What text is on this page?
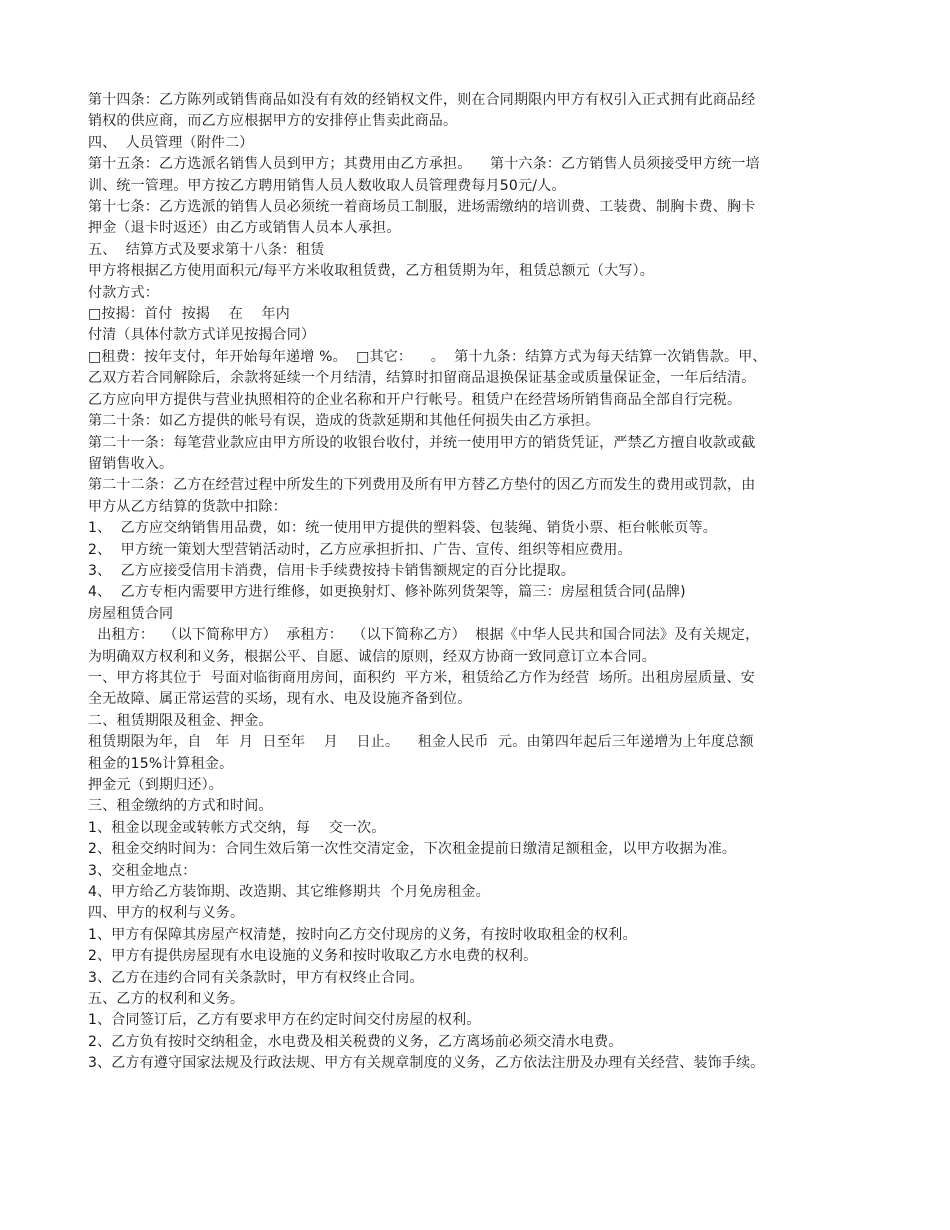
第十四条：乙方陈列或销售商品如没有有效的经销权文件，则在合同期限内甲方有权引入正式拥有此商品经
销权的供应商，而乙方应根据甲方的安排停止售卖此商品。
四、  人员管理（附件二）
第十五条：乙方选派名销售人员到甲方；其费用由乙方承担。    第十六条：乙方销售人员须接受甲方统一培
训、统一管理。甲方按乙方聘用销售人员人数收取人员管理费每月50元/人。
第十七条：乙方选派的销售人员必须统一着商场员工制服，进场需缴纳的培训费、工装费、制胸卡费、胸卡
押金（退卡时返还）由乙方或销售人员本人承担。
五、  结算方式及要求第十八条：租赁
甲方将根据乙方使用面积元/每平方米收取租赁费，乙方租赁期为年，租赁总额元（大写）。
付款方式：
□按揭：首付  按揭    在    年内
付清（具体付款方式详见按揭合同）
□租费：按年支付，年开始每年递增 %。  □其它：    。  第十九条：结算方式为每天结算一次销售款。甲、
乙双方若合同解除后，余款将延续一个月结清，结算时扣留商品退换保证基金或质量保证金，一年后结清。
乙方应向甲方提供与营业执照相符的企业名称和开户行帐号。租赁户在经营场所销售商品全部自行完税。
第二十条：如乙方提供的帐号有误，造成的货款延期和其他任何损失由乙方承担。
第二十一条：每笔营业款应由甲方所设的收银台收付，并统一使用甲方的销货凭证，严禁乙方擅自收款或截
留销售收入。
第二十二条：乙方在经营过程中所发生的下列费用及所有甲方替乙方垫付的因乙方而发生的费用或罚款，由
甲方从乙方结算的货款中扣除：
1、  乙方应交纳销售用品费，如：统一使用甲方提供的塑料袋、包装绳、销货小票、柜台帐帐页等。
2、  甲方统一策划大型营销活动时，乙方应承担折扣、广告、宣传、组织等相应费用。
3、  乙方应接受信用卡消费，信用卡手续费按持卡销售额规定的百分比提取。
4、  乙方专柜内需要甲方进行维修，如更换射灯、修补陈列货架等，篇三：房屋租赁合同(品牌)
房屋租赁合同
出租方：  （以下简称甲方）  承租方：  （以下简称乙方）  根据《中华人民共和国合同法》及有关规定，
为明确双方权利和义务，根据公平、自愿、诚信的原则，经双方协商一致同意订立本合同。
一、甲方将其位于  号面对临街商用房间，面积约  平方米，租赁给乙方作为经营  场所。出租房屋质量、安
全无故障、属正常运营的买场，现有水、电及设施齐备到位。
二、租赁期限及租金、押金。
租赁期限为年，自   年  月  日至年    月    日止。    租金人民币  元。由第四年起后三年递增为上年度总额
租金的15%计算租金。
押金元（到期归还）。
三、租金缴纳的方式和时间。
1、租金以现金或转帐方式交纳，每    交一次。
2、租金交纳时间为：合同生效后第一次性交清定金，下次租金提前日缴清足额租金，以甲方收据为准。
3、交租金地点：
4、甲方给乙方装饰期、改造期、其它维修期共  个月免房租金。
四、甲方的权利与义务。
1、甲方有保障其房屋产权清楚，按时向乙方交付现房的义务，有按时收取租金的权利。
2、甲方有提供房屋现有水电设施的义务和按时收取乙方水电费的权利。
3、乙方在违约合同有关条款时，甲方有权终止合同。
五、乙方的权利和义务。
1、合同签订后，乙方有要求甲方在约定时间交付房屋的权利。
2、乙方负有按时交纳租金，水电费及相关税费的义务，乙方离场前必须交清水电费。
3、乙方有遵守国家法规及行政法规、甲方有关规章制度的义务，乙方依法注册及办理有关经营、装饰手续。
